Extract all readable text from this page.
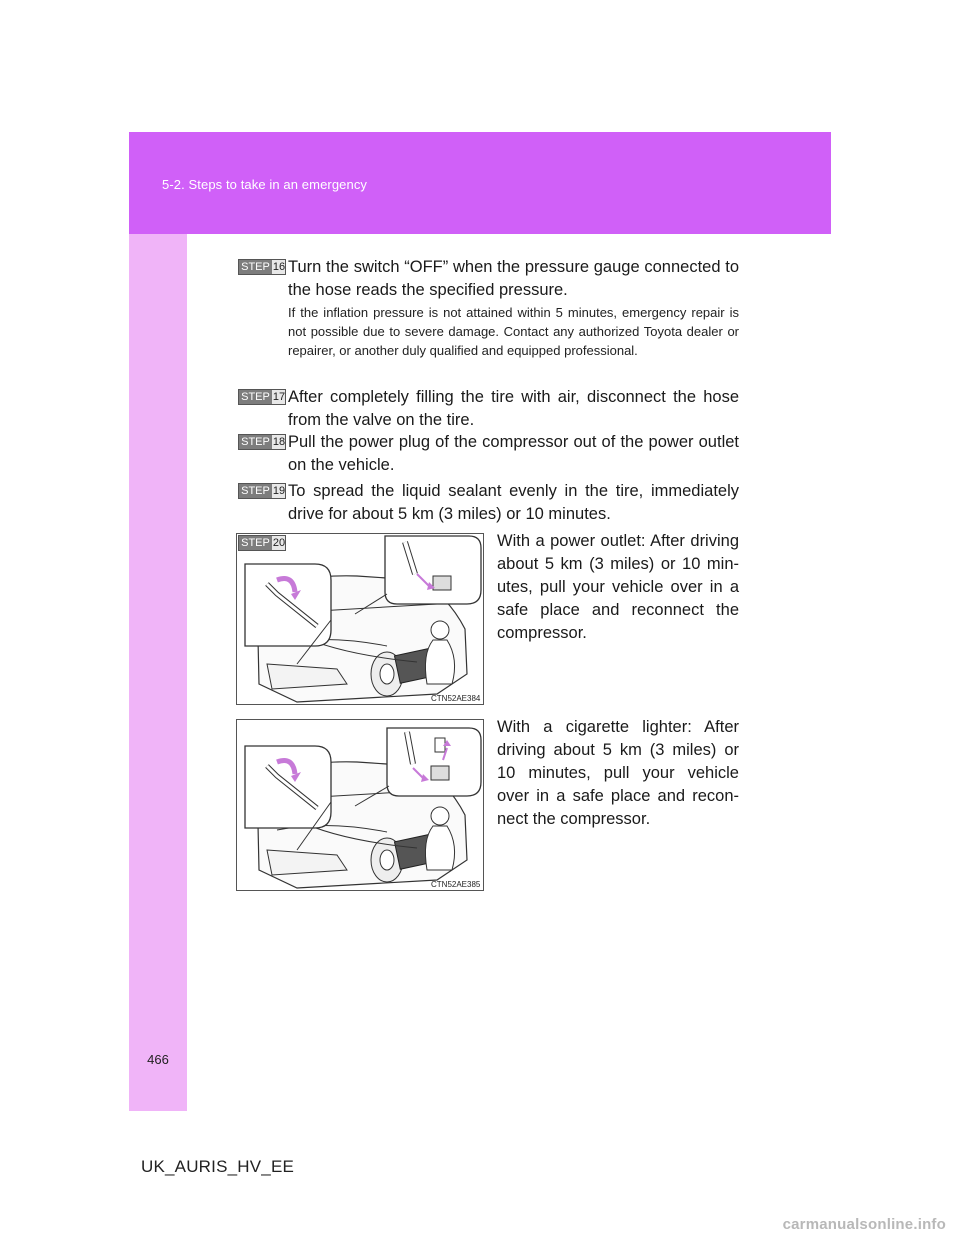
5-2. Steps to take in an emergency
STEP 16 Turn the switch “OFF” when the pressure gauge connected to the hose reads the specified pressure.
If the inflation pressure is not attained within 5 minutes, emergency repair is not possible due to severe damage. Contact any authorized Toyota dealer or repairer, or another duly qualified and equipped professional.
STEP 17 After completely filling the tire with air, disconnect the hose from the valve on the tire.
STEP 18 Pull the power plug of the compressor out of the power outlet on the vehicle.
STEP 19 To spread the liquid sealant evenly in the tire, immediately drive for about 5 km (3 miles) or 10 minutes.
CTN52AE384
STEP 20	With a power outlet: After driving about 5 km (3 miles) or 10 min-utes, pull your vehicle over in a safe place and reconnect the compressor.
CTN52AE385
With a cigarette lighter: After driving about 5 km (3 miles) or 10 minutes, pull your vehicle over in a safe place and recon-nect the compressor.
466
UK_AURIS_HV_EE
carmanualsonline.info
